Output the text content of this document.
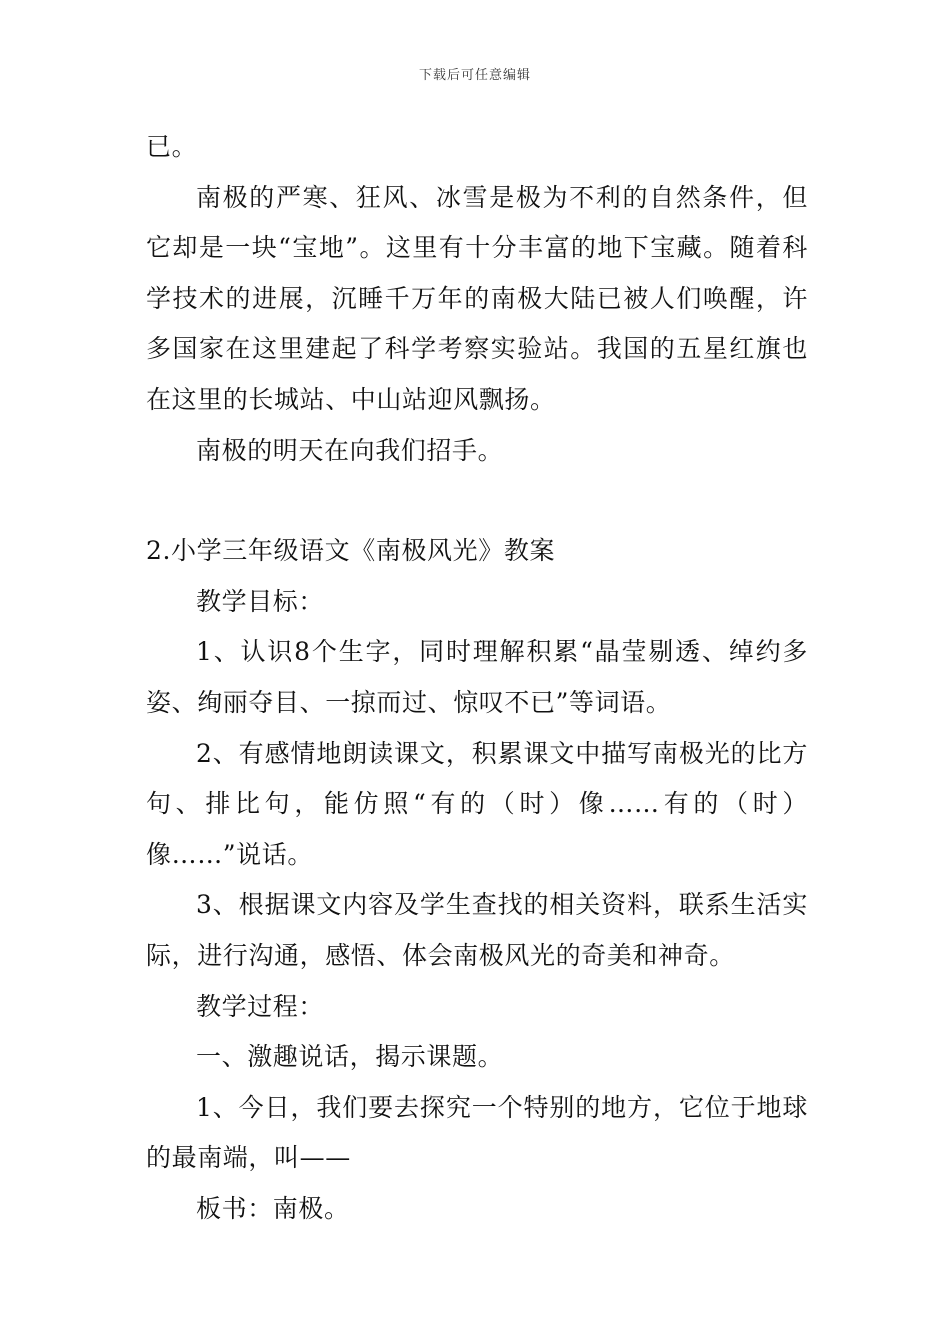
下载后可任意编辑

已。

南极的严寒、狂风、冰雪是极为不利的自然条件，但它却是一块“宝地”。这里有十分丰富的地下宝藏。随着科学技术的进展，沉睡千万年的南极大陆已被人们唤醒，许多国家在这里建起了科学考察实验站。我国的五星红旗也在这里的长城站、中山站迎风飘扬。

南极的明天在向我们招手。

2.小学三年级语文《南极风光》教案

教学目标：

1、认识8个生字，同时理解积累“晶莹剔透、绰约多姿、绚丽夺目、一掠而过、惊叹不已”等词语。

2、有感情地朗读课文，积累课文中描写南极光的比方句、排比句，能仿照“有的（时）像……有的（时）像……”说话。

3、根据课文内容及学生查找的相关资料，联系生活实际，进行沟通，感悟、体会南极风光的奇美和神奇。

教学过程：

一、激趣说话，揭示课题。

1、今日，我们要去探究一个特别的地方，它位于地球的最南端，叫——

板书：南极。
